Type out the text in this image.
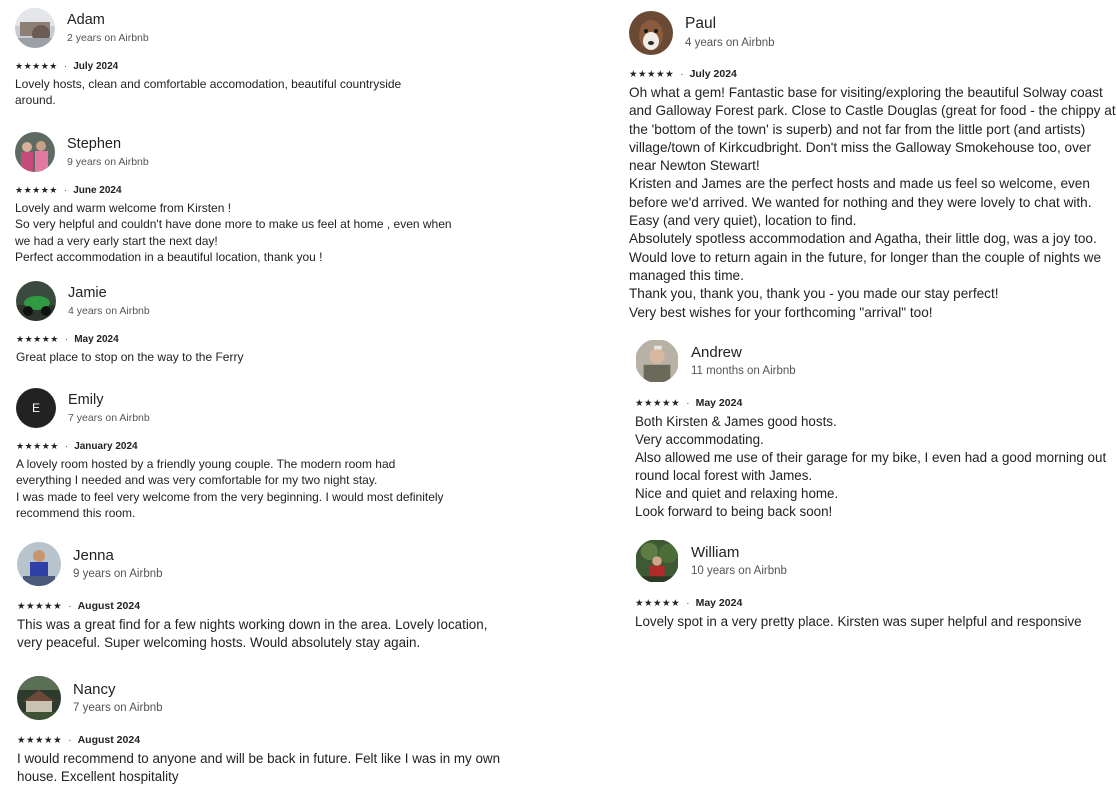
Adam
2 years on Airbnb
★★★★★ · July 2024
Lovely hosts, clean and comfortable accomodation, beautiful countryside
around.
Stephen
9 years on Airbnb
★★★★★ · June 2024
Lovely and warm welcome from Kirsten !
So very helpful and couldn't have done more to make us feel at home , even when
we had a very early start the next day!
Perfect accommodation in a beautiful location, thank you !
Jamie
4 years on Airbnb
★★★★★ · May 2024
Great place to stop on the way to the Ferry
E
Emily
7 years on Airbnb
★★★★★ · January 2024
A lovely room hosted by a friendly young couple. The modern room had
everything I needed and was very comfortable for my two night stay.
I was made to feel very welcome from the very beginning. I would most definitely
recommend this room.
Jenna
9 years on Airbnb
★★★★★ · August 2024
This was a great find for a few nights working down in the area. Lovely location,
very peaceful. Super welcoming hosts. Would absolutely stay again.
Nancy
7 years on Airbnb
★★★★★ · August 2024
I would recommend to anyone and will be back in future. Felt like I was in my own
house. Excellent hospitality
Paul
4 years on Airbnb
★★★★★ · July 2024
Oh what a gem! Fantastic base for visiting/exploring the beautiful Solway coast
and Galloway Forest park. Close to Castle Douglas (great for food - the chippy at
the 'bottom of the town' is superb) and not far from the little port (and artists)
village/town of Kirkcudbright. Don't miss the Galloway Smokehouse too, over
near Newton Stewart!
Kristen and James are the perfect hosts and made us feel so welcome, even
before we'd arrived. We wanted for nothing and they were lovely to chat with.
Easy (and very quiet), location to find.
Absolutely spotless accommodation and Agatha, their little dog, was a joy too.
Would love to return again in the future, for longer than the couple of nights we
managed this time.
Thank you, thank you, thank you - you made our stay perfect!
Very best wishes for your forthcoming "arrival" too!
Andrew
11 months on Airbnb
★★★★★ · May 2024
Both Kirsten & James good hosts.
Very accommodating.
Also allowed me use of their garage for my bike, I even had a good morning out
round local forest with James.
Nice and quiet and relaxing home.
Look forward to being back soon!
William
10 years on Airbnb
★★★★★ · May 2024
Lovely spot in a very pretty place. Kirsten was super helpful and responsive
